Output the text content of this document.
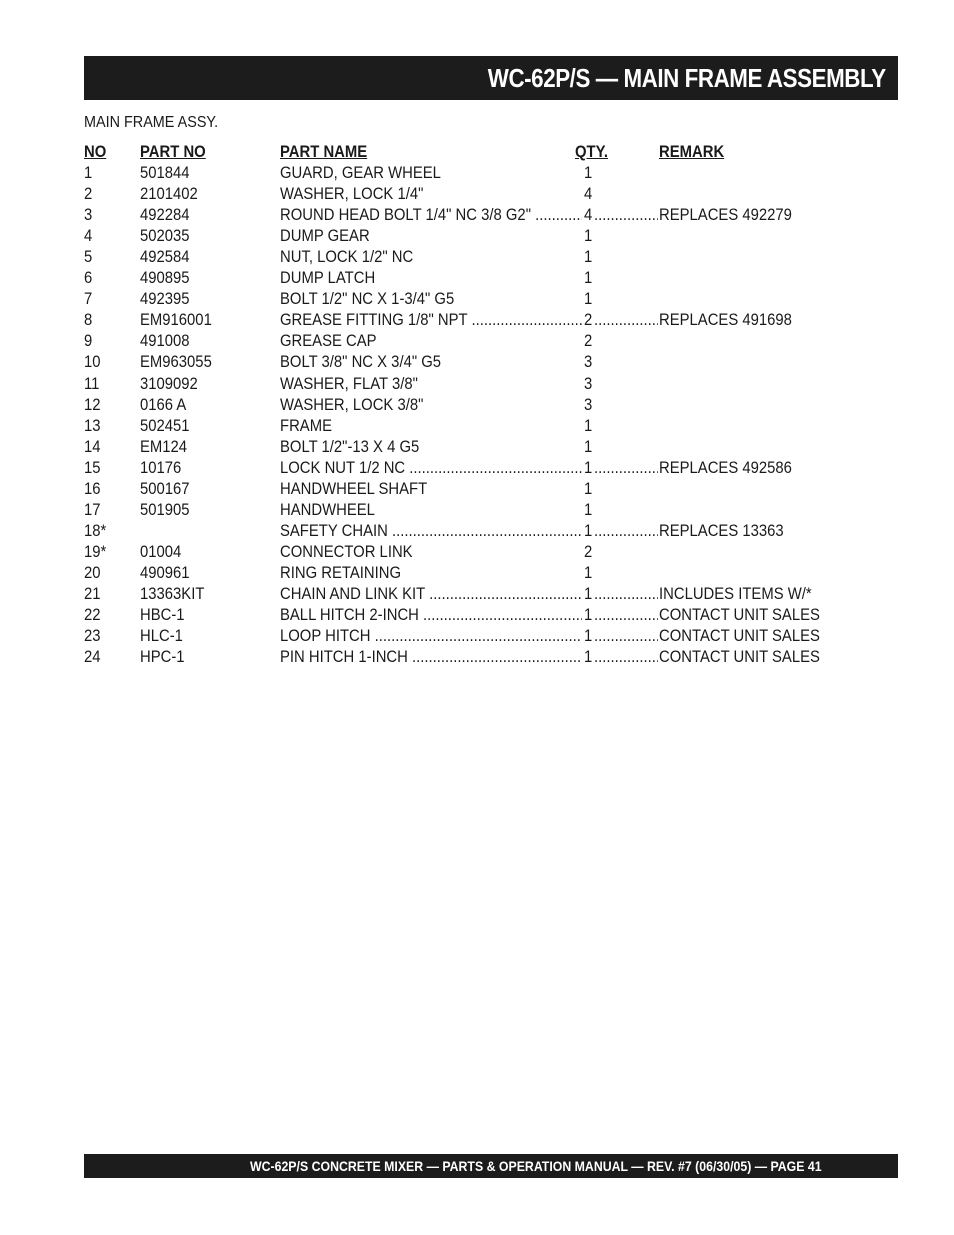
WC-62P/S — MAIN FRAME ASSEMBLY
MAIN FRAME ASSY.
NO PART NO	PART NAME	QTY.	REMARK
1	501844	GUARD, GEAR WHEEL	1
2	2101402	WASHER, LOCK 1/4"	4
3	492284	ROUND HEAD BOLT 1/4" NC 3/8 G2" .....	4 .....	REPLACES 492279
4	502035	DUMP GEAR	1
5	492584	NUT, LOCK 1/2" NC	1
6	490895	DUMP LATCH	1
7	492395	BOLT 1/2" NC X 1-3/4" G5	1
8	EM916001	GREASE FITTING 1/8" NPT .....	2 .....	REPLACES 491698
9	491008	GREASE CAP	2
10 EM963055	BOLT 3/8" NC X 3/4" G5	3
11 3109092	WASHER, FLAT 3/8"	3
12 0166 A	WASHER, LOCK 3/8"	3
13 502451	FRAME	1
14 EM124	BOLT 1/2"-13 X 4 G5	1
15 10176	LOCK NUT 1/2 NC .....	1 .....	REPLACES 492586
16 500167	HANDWHEEL SHAFT	1
17 501905	HANDWHEEL	1
18*	SAFETY CHAIN .....	1 .....	REPLACES 13363
19* 01004	CONNECTOR LINK	2
20 490961	RING RETAINING	1
21 13363KIT	CHAIN AND LINK KIT .....	1 .....	INCLUDES ITEMS W/*
22 HBC-1	BALL HITCH 2-INCH .....	1 .....	CONTACT UNIT SALES
23 HLC-1	LOOP HITCH .....	1 .....	CONTACT UNIT SALES
24 HPC-1	PIN HITCH 1-INCH .....	1 .....	CONTACT UNIT SALES
WC-62P/S CONCRETE MIXER — PARTS & OPERATION MANUAL — REV. #7 (06/30/05) — PAGE 41
